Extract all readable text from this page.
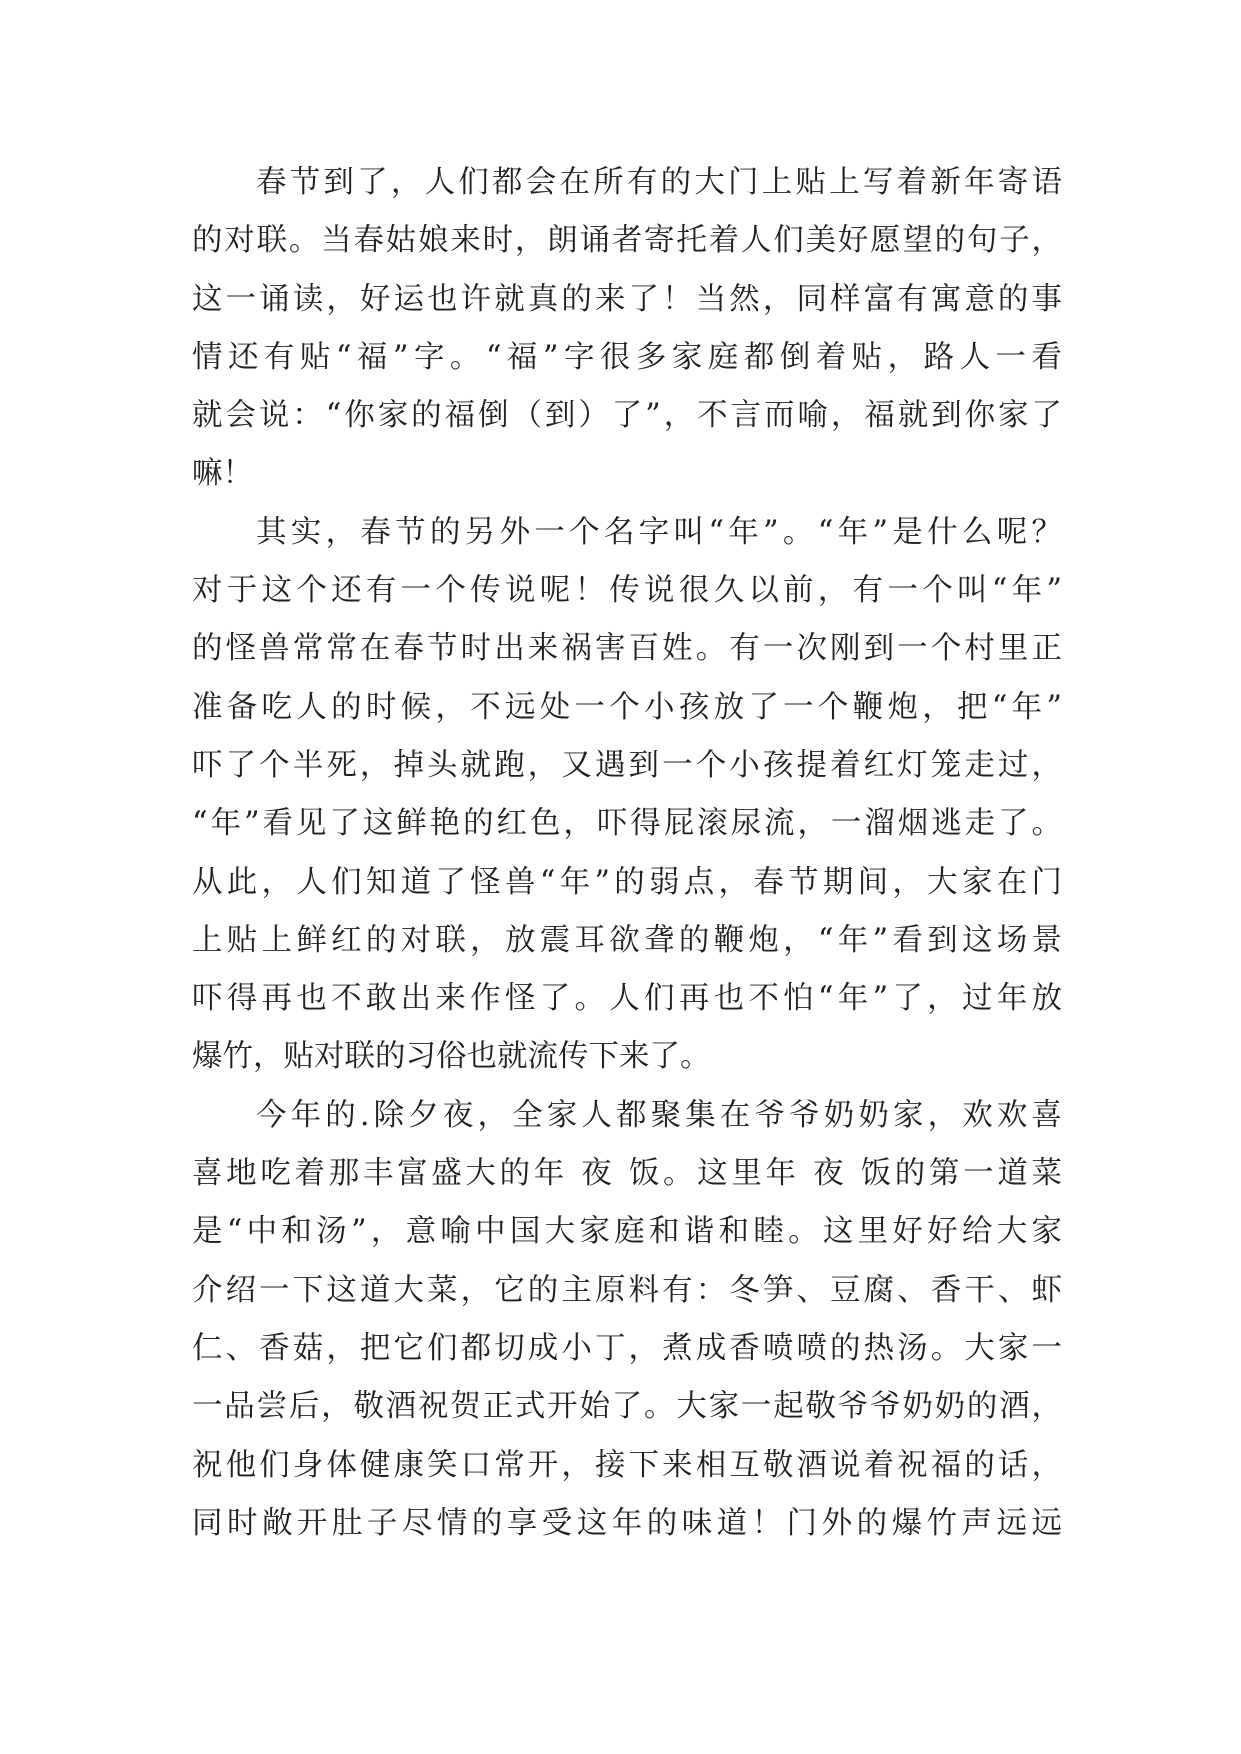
春节到了，人们都会在所有的大门上贴上写着新年寄语
的对联。当春姑娘来时，朗诵者寄托着人们美好愿望的句子，
这一诵读，好运也许就真的来了！当然，同样富有寓意的事
情还有贴“福”字。“福”字很多家庭都倒着贴，路人一看
就会说：“你家的福倒（到）了”，不言而喻，福就到你家了
嘛！
其实，春节的另外一个名字叫“年”。“年”是什么呢？
对于这个还有一个传说呢！传说很久以前，有一个叫“年”
的怪兽常常在春节时出来祸害百姓。有一次刚到一个村里正
准备吃人的时候，不远处一个小孩放了一个鞭炮，把“年”
吓了个半死，掉头就跑，又遇到一个小孩提着红灯笼走过，
“年”看见了这鲜艳的红色，吓得屁滚尿流，一溜烟逃走了。
从此，人们知道了怪兽“年”的弱点，春节期间，大家在门
上贴上鲜红的对联，放震耳欲聋的鞭炮，“年”看到这场景
吓得再也不敢出来作怪了。人们再也不怕“年”了，过年放
爆竹，贴对联的习俗也就流传下来了。
今年的.除夕夜，全家人都聚集在爷爷奶奶家，欢欢喜
喜地吃着那丰富盛大的年 夜 饭。这里年 夜 饭的第一道菜
是“中和汤”，意喻中国大家庭和谐和睦。这里好好给大家
介绍一下这道大菜，它的主原料有：冬笋、豆腐、香干、虾
仁、香菇，把它们都切成小丁，煮成香喷喷的热汤。大家一
一品尝后，敬酒祝贺正式开始了。大家一起敬爷爷奶奶的酒，
祝他们身体健康笑口常开，接下来相互敬酒说着祝福的话，
同时敞开肚子尽情的享受这年的味道！门外的爆竹声远远
